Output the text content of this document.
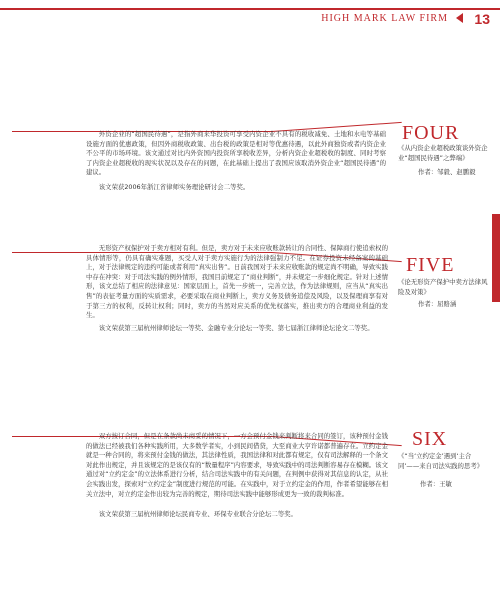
HIGH MARK LAW FIRM 13
FOUR

外资企业的“超国民待遇”，是指外商来华投资可享受内资企业不具有的税收减免、土地和水电等基础设施方面的优惠政策，但因外商税收政策、出台税的政策是相对等优惠待遇，以此外商独资或者内资企业不公平的市场环境。该文通过对比内外资国内投资所享税收差异，分析内资企业超税收的制度、同时考察了内资企业超税收的现实状况以及存在的问题，在此基础上提出了我国应该取消外资企业“超国民待遇”的建议。

该文荣获2006年浙江省律师实务理论研讨会二等奖。
《从内资企业超税政策谈外资企业“超国民待遇”之弊端》
作者：邹毅、赵鹏毅
FIVE

无形资产权保护对于卖方相对有利。但是，卖方对于未来应收账款转让的合同性、保障商行使追索权的具体情形等，仍具有确实难题，买受人对于卖方实施行为的法律强制力不足。在证券投资未经备案的基础上，对于法律规定的违约可能或者利用“真实出售”。日前我国对于未来应收账款的规定尚不明确，导致实践中存在冲突：对于司法实践的例外情形，我国目前规定了“商业判断”，并未规定一步细化规定。针对上述情形，该文总结了相应的法律意见：国家层面上，首先一步统一，完善立法，作为法律规则，应当从“真实出售”的表征考量方面的实质需求，必要采取在商业判断上，卖方义务及债务追偿及风险，以及保理商享有对于第三方的权利，反转让权利；同时，卖方的当然对应关系的优先权落实，推出卖方的合理商业利益的发生。

该文荣获第三届杭州律师论坛一等奖、金融专业分论坛一等奖、第七届浙江律师论坛论文二等奖。
《论无形资产保护中卖方法律风险及对策》
作者：屈赂涵
SIX

双方按订合同，但是在条款尚未商妥的情况下，一方会预付金钱来判断将来合同的签订，该种预付金钱的做法已经被我们各种实践所用，大多数学者实，小到民间借贷，大至商业大亨许诺都普遍存在。立约定金就是一种合同的，将来预付金钱的做法，其法律性质，我国法律和对此都有规定，仅有司法解释的一个条文对此作出规定，并且该规定的是该仅有的“数量程序”内容要求，导致实践中的司法判断容易存在模糊。该文通过对“立约定金”的立法体系进行分析，结合司法实践中的有关问题，在判例中获得对其信息的认定，从社会实践出发，探索对“立约定金”制度进行规范的可能。在实践中，对于立约定金的作用，作者希望能够在相关立法中，对立约定金作出较为完善的规定，期待司法实践中能够形成更为一致的裁判标准。

该文荣获第三届杭州律师论坛民商专业、环保专业联合分论坛二等奖。
《“当‘立约定金’遇到‘主合同’——来自司法实践的思考》
作者：王敏
